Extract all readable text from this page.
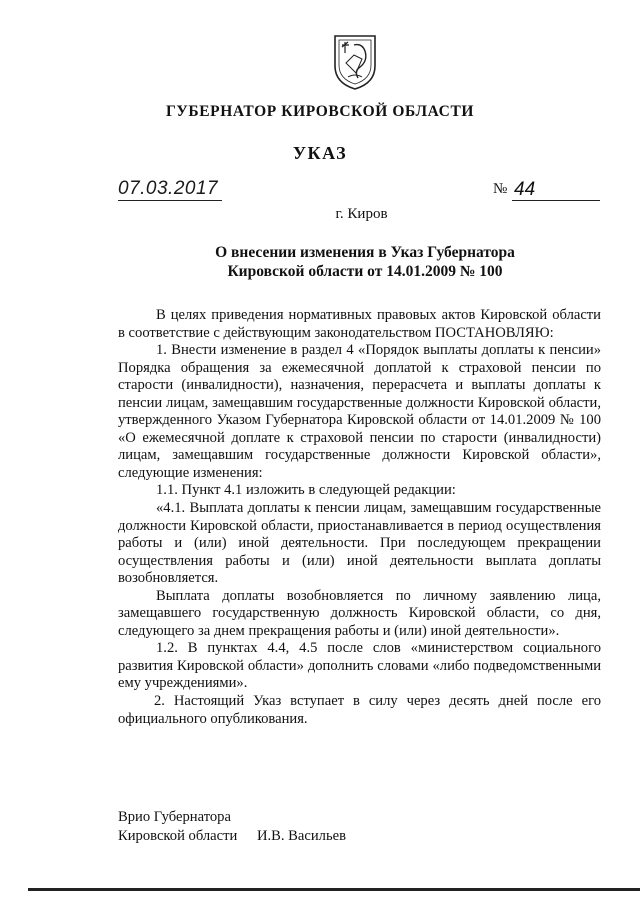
ГУБЕРНАТОР КИРОВСКОЙ ОБЛАСТИ
УКАЗ
07.03.2017	№ 44
г. Киров
О внесении изменения в Указ Губернатора
Кировской области от 14.01.2009 № 100

В целях приведения нормативных правовых актов Кировской области в соответствие с действующим законодательством ПОСТАНОВЛЯЮ:

1. Внести изменение в раздел 4 «Порядок выплаты доплаты к пенсии» Порядка обращения за ежемесячной доплатой к страховой пенсии по старости (инвалидности), назначения, перерасчета и выплаты доплаты к пенсии лицам, замещавшим государственные должности Кировской области, утвержденного Указом Губернатора Кировской области от 14.01.2009 № 100 «О ежемесячной доплате к страховой пенсии по старости (инвалидности) лицам, замещавшим государственные должности Кировской области», следующие изменения:

1.1. Пункт 4.1 изложить в следующей редакции:

«4.1. Выплата доплаты к пенсии лицам, замещавшим государственные должности Кировской области, приостанавливается в период осуществления работы и (или) иной деятельности. При последующем прекращении осуществления работы и (или) иной деятельности выплата доплаты возобновляется.

Выплата доплаты возобновляется по личному заявлению лица, замещавшего государственную должность Кировской области, со дня, следующего за днем прекращения работы и (или) иной деятельности».

1.2. В пунктах 4.4, 4.5 после слов «министерством социального развития Кировской области» дополнить словами «либо подведомственными ему учреждениями».

2. Настоящий Указ вступает в силу через десять дней после его официального опубликования.

Врио Губернатора
Кировской области И.В. Васильев
